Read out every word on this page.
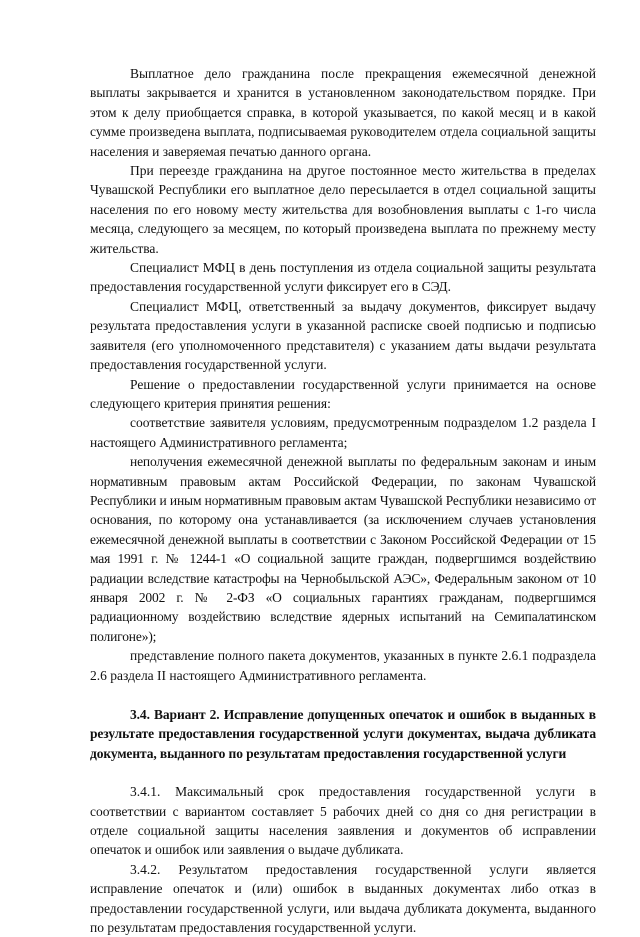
Выплатное дело гражданина после прекращения ежемесячной денежной выплаты закрывается и хранится в установленном законодательством порядке. При этом к делу приобщается справка, в которой указывается, по какой месяц и в какой сумме произведена выплата, подписываемая руководителем отдела социальной защиты населения и заверяемая печатью данного органа.

При переезде гражданина на другое постоянное место жительства в пределах Чувашской Республики его выплатное дело пересылается в отдел социальной защиты населения по его новому месту жительства для возобновления выплаты с 1-го числа месяца, следующего за месяцем, по который произведена выплата по прежнему месту жительства.

Специалист МФЦ в день поступления из отдела социальной защиты результата предоставления государственной услуги фиксирует его в СЭД.

Специалист МФЦ, ответственный за выдачу документов, фиксирует выдачу результата предоставления услуги в указанной расписке своей подписью и подписью заявителя (его уполномоченного представителя) с указанием даты выдачи результата предоставления государственной услуги.

Решение о предоставлении государственной услуги принимается на основе следующего критерия принятия решения:

соответствие заявителя условиям, предусмотренным подразделом 1.2 раздела I настоящего Административного регламента;

неполучения ежемесячной денежной выплаты по федеральным законам и иным нормативным правовым актам Российской Федерации, по законам Чувашской Республики и иным нормативным правовым актам Чувашской Республики независимо от основания, по которому она устанавливается (за исключением случаев установления ежемесячной денежной выплаты в соответствии с Законом Российской Федерации от 15 мая 1991 г. № 1244-1 «О социальной защите граждан, подвергшимся воздействию радиации вследствие катастрофы на Чернобыльской АЭС», Федеральным законом от 10 января 2002 г. № 2-ФЗ «О социальных гарантиях гражданам, подвергшимся радиационному воздействию вследствие ядерных испытаний на Семипалатинском полигоне»);

представление полного пакета документов, указанных в пункте 2.6.1 подраздела 2.6 раздела II настоящего Административного регламента.

3.4. Вариант 2. Исправление допущенных опечаток и ошибок в выданных в результате предоставления государственной услуги документах, выдача дубликата документа, выданного по результатам предоставления государственной услуги

3.4.1. Максимальный срок предоставления государственной услуги в соответствии с вариантом составляет 5 рабочих дней со дня со дня регистрации в отделе социальной защиты населения заявления и документов об исправлении опечаток и ошибок или заявления о выдаче дубликата.

3.4.2. Результатом предоставления государственной услуги является исправление опечаток и (или) ошибок в выданных документах либо отказ в предоставлении государственной услуги, или выдача дубликата документа, выданного по результатам предоставления государственной услуги.
